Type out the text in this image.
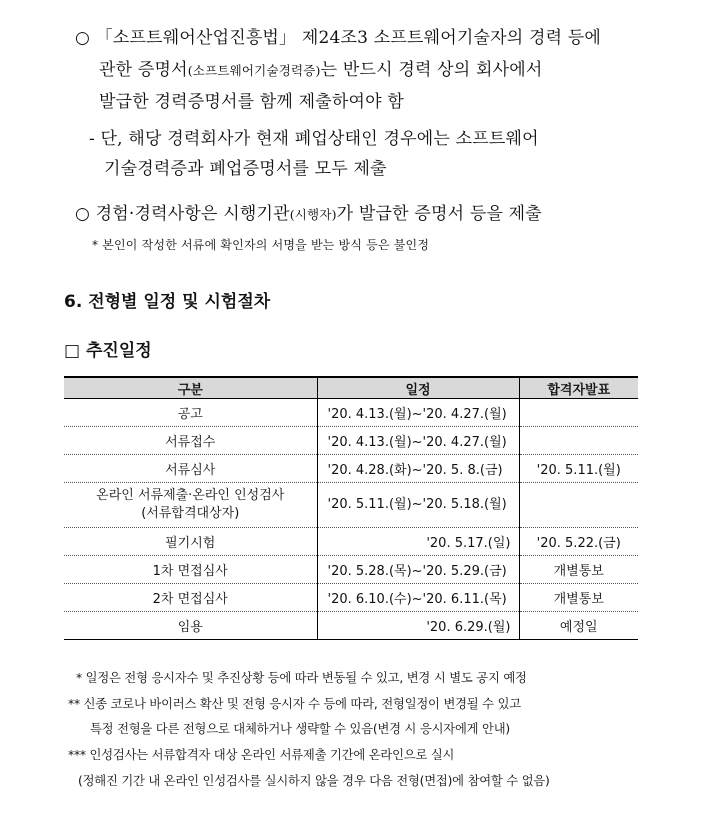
○ 「소프트웨어산업진흥법」 제24조3 소프트웨어기술자의 경력 등에
관한 증명서(소프트웨어기술경력증)는 반드시 경력 상의 회사에서
발급한 경력증명서를 함께 제출하여야 함
- 단, 해당 경력회사가 현재 폐업상태인 경우에는 소프트웨어
기술경력증과 폐업증명서를 모두 제출
○ 경험·경력사항은 시행기관(시행자)가 발급한 증명서 등을 제출
* 본인이 작성한 서류에 확인자의 서명을 받는 방식 등은 불인정
6. 전형별 일정 및 시험절차
□ 추진일정
구분	일정	합격자발표
공고	'20. 4.13.(월)~'20. 4.27.(월)	
서류접수	'20. 4.13.(월)~'20. 4.27.(월)	
서류심사	'20. 4.28.(화)~'20. 5. 8.(금)	'20. 5.11.(월)

온라인 서류제출·온라인 인성검사
(서류합격대상자)	'20. 5.11.(월)~'20. 5.18.(월)	
필기시험	'20. 5.17.(일)	'20. 5.22.(금)
1차 면접심사	'20. 5.28.(목)~'20. 5.29.(금)	개별통보
2차 면접심사	'20. 6.10.(수)~'20. 6.11.(목)	개별통보
임용	'20. 6.29.(월)	예정일
* 일정은 전형 응시자수 및 추진상황 등에 따라 변동될 수 있고, 변경 시 별도 공지 예정
** 신종 코로나 바이러스 확산 및 전형 응시자 수 등에 따라, 전형일정이 변경될 수 있고
특정 전형을 다른 전형으로 대체하거나 생략할 수 있음(변경 시 응시자에게 안내)
*** 인성검사는 서류합격자 대상 온라인 서류제출 기간에 온라인으로 실시
(정해진 기간 내 온라인 인성검사를 실시하지 않을 경우 다음 전형(면접)에 참여할 수 없음)
